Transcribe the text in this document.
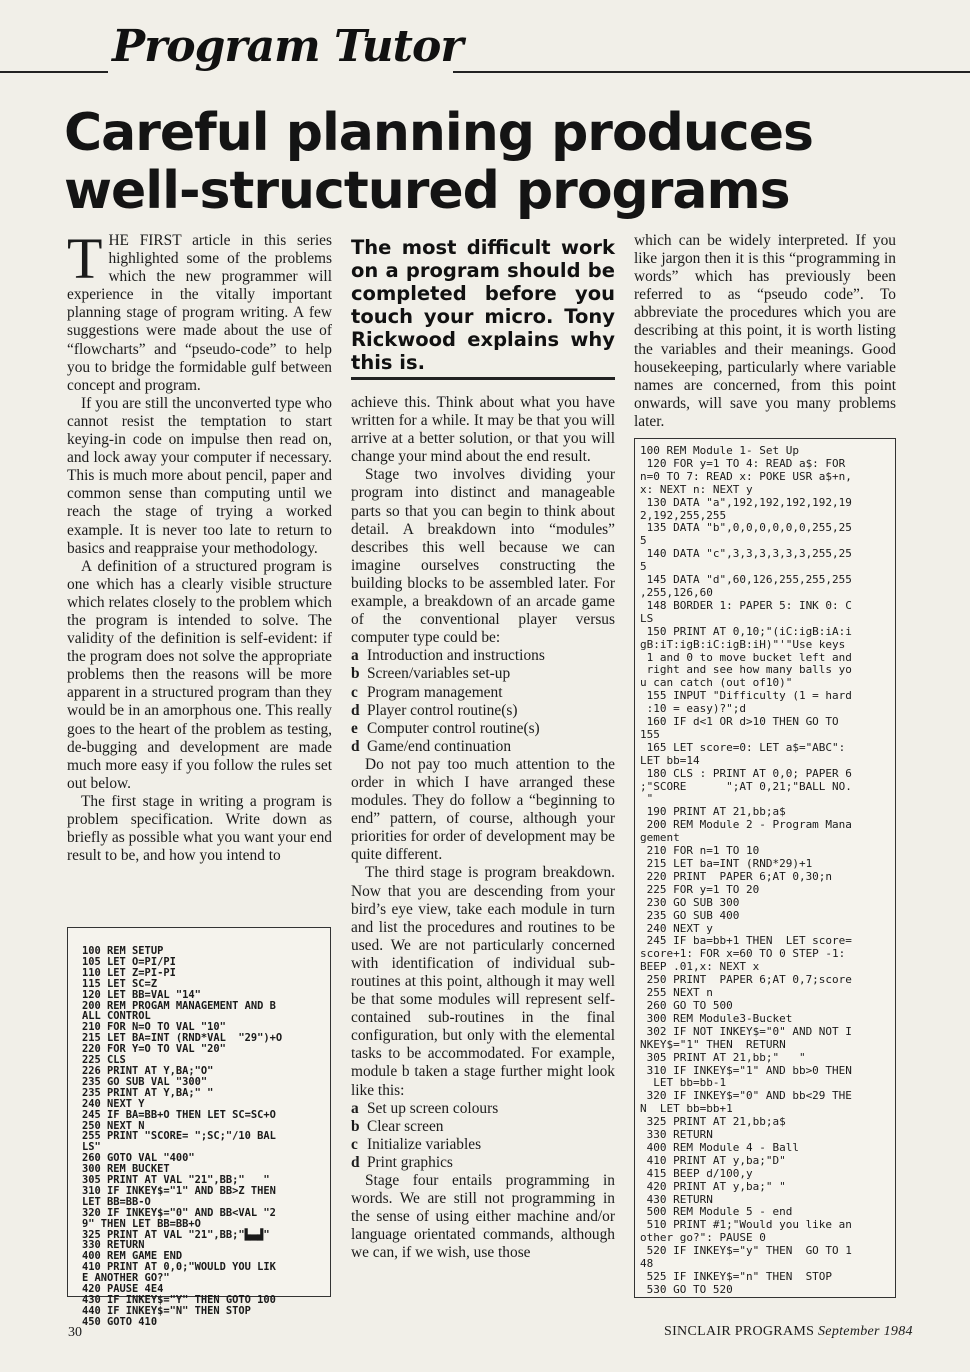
Program Tutor
Careful planning produces well-structured programs

THE FIRST article in this series highlighted some of the problems which the new programmer will experience in the vitally important planning stage of program writing. A few suggestions were made about the use of “flowcharts” and “pseudo-code” to help you to bridge the formidable gulf between concept and program.

If you are still the unconverted type who cannot resist the temptation to start keying-in code on impulse then read on, and lock away your computer if necessary. This is much more about pencil, paper and common sense than computing until we reach the stage of trying a worked example. It is never too late to return to basics and reappraise your methodology.

A definition of a structured program is one which has a clearly visible structure which relates closely to the problem which the program is intended to solve. The validity of the definition is self-evident: if the program does not solve the appropriate problems then the reasons will be more apparent in a structured program than they would be in an amorphous one. This really goes to the heart of the problem as testing, de-bugging and development are made much more easy if you follow the rules set out below.

The first stage in writing a program is problem specification. Write down as briefly as possible what you want your end result to be, and how you intend to

The most difficult work on a program should be completed before you touch your micro. Tony Rickwood explains why this is.

achieve this. Think about what you have written for a while. It may be that you will arrive at a better solution, or that you will change your mind about the end result.

Stage two involves dividing your program into distinct and manageable parts so that you can begin to think about detail. A breakdown into “modules” describes this well because we can imagine ourselves constructing the building blocks to be assembled later. For example, a breakdown of an arcade game of the conventional player versus computer type could be:

a Introduction and instructions
b Screen/variables set-up
c Program management
d Player control routine(s)
e Computer control routine(s)
d Game/end continuation

Do not pay too much attention to the order in which I have arranged these modules. They do follow a “beginning to end” pattern, of course, although your priorities for order of development may be quite different.

The third stage is program breakdown. Now that you are descending from your bird’s eye view, take each module in turn and list the procedures and routines to be used. We are not particularly concerned with identification of individual sub-routines at this point, although it may well be that some modules will represent self-contained sub-routines in the final configuration, but only with the elemental tasks to be accommodated. For example, module b taken a stage further might look like this:

a Set up screen colours
b Clear screen
c Initialize variables
d Print graphics

Stage four entails programming in words. We are still not programming in the sense of using either machine and/or language orientated commands, although we can, if we wish, use those

which can be widely interpreted. If you like jargon then it is this “programming in words” which has previously been referred to as “pseudo code”. To abbreviate the procedures which you are describing at this point, it is worth listing the variables and their meanings. Good housekeeping, particularly where variable names are concerned, from this point onwards, will save you many problems later.

100 REM SETUP
105 LET O=PI/PI
110 LET Z=PI-PI
115 LET SC=Z
120 LET BB=VAL "14"
200 REM PROGAM MANAGEMENT AND B
ALL CONTROL
210 FOR N=O TO VAL "10"
215 LET BA=INT (RND*VAL  "29")+O
220 FOR Y=O TO VAL "20"
225 CLS
226 PRINT AT Y,BA;"O"
235 GO SUB VAL "300"
235 PRINT AT Y,BA;" "
240 NEXT Y
245 IF BA=BB+O THEN LET SC=SC+O
250 NEXT N
255 PRINT "SCORE= ";SC;"/10 BAL
LS"
260 GOTO VAL "400"
300 REM BUCKET
305 PRINT AT VAL "21",BB;"   "
310 IF INKEY$="1" AND BB>Z THEN
LET BB=BB-O
320 IF INKEY$="0" AND BB<VAL "2
9" THEN LET BB=BB+O
325 PRINT AT VAL "21",BB;"▙▄▟"
330 RETURN
400 REM GAME END
410 PRINT AT 0,0;"WOULD YOU LIK
E ANOTHER GO?"
420 PAUSE 4E4
430 IF INKEY$="Y" THEN GOTO 100
440 IF INKEY$="N" THEN STOP
450 GOTO 410
100 REM Module 1- Set Up
120 FOR y=1 TO 4: READ a$: FOR
n=0 TO 7: READ x: POKE USR a$+n,
x: NEXT n: NEXT y
130 DATA "a",192,192,192,192,19
2,192,255,255
135 DATA "b",0,0,0,0,0,0,255,25
5
140 DATA "c",3,3,3,3,3,3,255,25
5
145 DATA "d",60,126,255,255,255
,255,126,60
148 BORDER 1: PAPER 5: INK 0: C
LS
150 PRINT AT 0,10;"(iC:igB:iA:i
gB:iT:igB:iC:igB:iH)"'"Use keys
1 and 0 to move bucket left and
right and see how many balls yo
u can catch (out of10)"
155 INPUT "Difficulty (1 = hard
:10 = easy)?";d
160 IF d<1 OR d>10 THEN GO TO
155
165 LET score=0: LET a$="ABC":
LET bb=14
180 CLS : PRINT AT 0,0; PAPER 6
;"SCORE      ";AT 0,21;"BALL NO.
"
190 PRINT AT 21,bb;a$
200 REM Module 2 - Program Mana
gement
210 FOR n=1 TO 10
215 LET ba=INT (RND*29)+1
220 PRINT  PAPER 6;AT 0,30;n
225 FOR y=1 TO 20
230 GO SUB 300
235 GO SUB 400
240 NEXT y
245 IF ba=bb+1 THEN  LET score=
score+1: FOR x=60 TO 0 STEP -1:
BEEP .01,x: NEXT x
250 PRINT  PAPER 6;AT 0,7;score
255 NEXT n
260 GO TO 500
300 REM Module3-Bucket
302 IF NOT INKEY$="0" AND NOT I
NKEY$="1" THEN  RETURN
305 PRINT AT 21,bb;"   "
310 IF INKEY$="1" AND bb>0 THEN
LET bb=bb-1
320 IF INKEY$="0" AND bb<29 THE
N  LET bb=bb+1
325 PRINT AT 21,bb;a$
330 RETURN
400 REM Module 4 - Ball
410 PRINT AT y,ba;"D"
415 BEEP d/100,y
420 PRINT AT y,ba;" "
430 RETURN
500 REM Module 5 - end
510 PRINT #1;"Would you like an
other go?": PAUSE 0
520 IF INKEY$="y" THEN  GO TO 1
48
525 IF INKEY$="n" THEN  STOP
530 GO TO 520
30	SINCLAIR PROGRAMS September 1984
